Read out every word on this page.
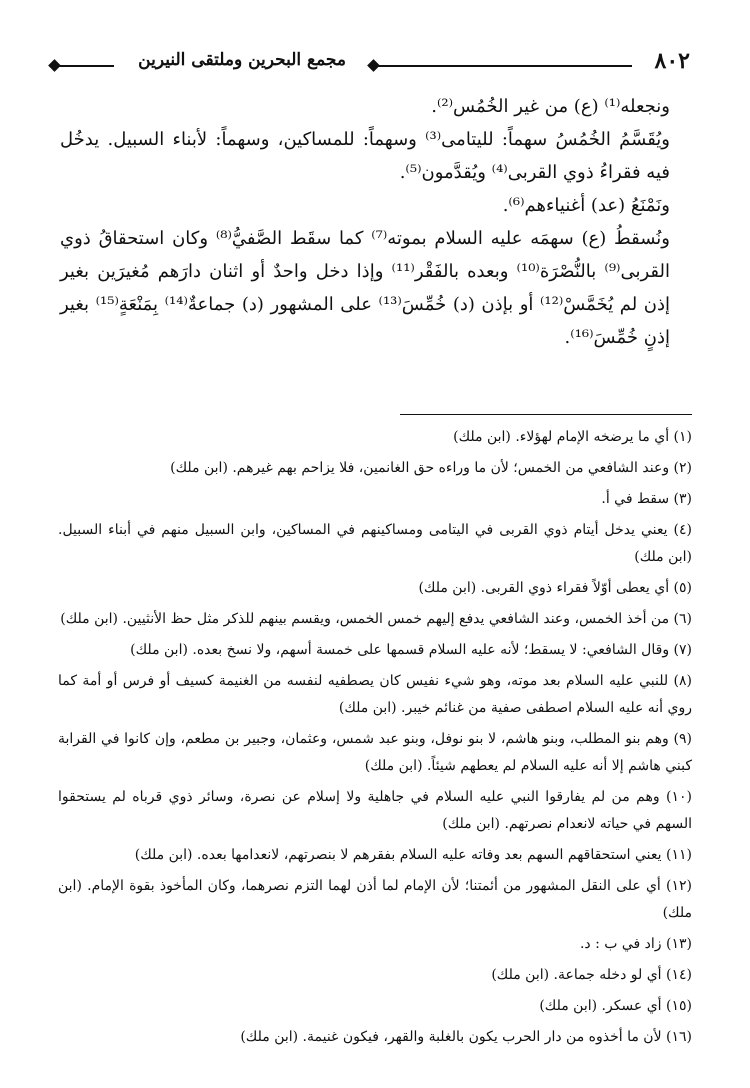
٨٠٢
مجمع البحرين وملتقى النيرين

ونجعله⁽¹⁾ (ع) من غير الخُمُس⁽²⁾.

ويُقَسَّمُ الخُمُسُ سهماً: لليتامى⁽³⁾ وسهماً: للمساكين، وسهماً: لأبناء السبيل. يدخُل فيه فقراءُ ذوي القربى⁽⁴⁾ ويُقدَّمون⁽⁵⁾.

ونَمْنَعُ (عد) أغنياءهم⁽⁶⁾.

ونُسقطُ (ع) سهمَه عليه السلام بموته⁽⁷⁾ كما سقَط الصَّفيُّ⁽⁸⁾ وكان استحقاقُ ذوي القربى⁽⁹⁾ بالنُّصْرَة⁽¹⁰⁾ وبعده بالفَقْر⁽¹¹⁾ وإذا دخل واحدٌ أو اثنان دارَهم مُغيرَين بغير إذن لم يُخَمَّسْ⁽¹²⁾ أو بإذن (د) خُمِّسَ⁽¹³⁾ على المشهور (د) جماعةٌ⁽¹⁴⁾ بِمَنْعَةٍ⁽¹⁵⁾ بغير إذنٍ خُمِّسَ⁽¹⁶⁾.

(١) أي ما يرضخه الإمام لهؤلاء. (ابن ملك)

(٢) وعند الشافعي من الخمس؛ لأن ما وراءه حق الغانمين، فلا يزاحم بهم غيرهم. (ابن ملك)

(٣) سقط في أ.

(٤) يعني يدخل أيتام ذوي القربى في اليتامى ومساكينهم في المساكين، وابن السبيل منهم في أبناء السبيل. (ابن ملك)

(٥) أي يعطى أوّلاً فقراء ذوي القربى. (ابن ملك)

(٦) من أخذ الخمس، وعند الشافعي يدفع إليهم خمس الخمس، ويقسم بينهم للذكر مثل حظ الأنثيين. (ابن ملك)

(٧) وقال الشافعي: لا يسقط؛ لأنه عليه السلام قسمها على خمسة أسهم، ولا نسخ بعده. (ابن ملك)

(٨) للنبي عليه السلام بعد موته، وهو شيء نفيس كان يصطفيه لنفسه من الغنيمة كسيف أو فرس أو أمة كما روي أنه عليه السلام اصطفى صفية من غنائم خيبر. (ابن ملك)

(٩) وهم بنو المطلب، وبنو هاشم، لا بنو نوفل، وبنو عبد شمس، وعثمان، وجبير بن مطعم، وإن كانوا في القرابة كبني هاشم إلا أنه عليه السلام لم يعطهم شيئاً. (ابن ملك)

(١٠) وهم من لم يفارقوا النبي عليه السلام في جاهلية ولا إسلام عن نصرة، وسائر ذوي قرباه لم يستحقوا السهم في حياته لانعدام نصرتهم. (ابن ملك)

(١١) يعني استحقاقهم السهم بعد وفاته عليه السلام بفقرهم لا بنصرتهم، لانعدامها بعده. (ابن ملك)

(١٢) أي على النقل المشهور من أئمتنا؛ لأن الإمام لما أذن لهما التزم نصرهما، وكان المأخوذ بقوة الإمام. (ابن ملك)

(١٣) زاد في ب : د.

(١٤) أي لو دخله جماعة. (ابن ملك)

(١٥) أي عسكر. (ابن ملك)

(١٦) لأن ما أخذوه من دار الحرب يكون بالغلبة والقهر، فيكون غنيمة. (ابن ملك)
